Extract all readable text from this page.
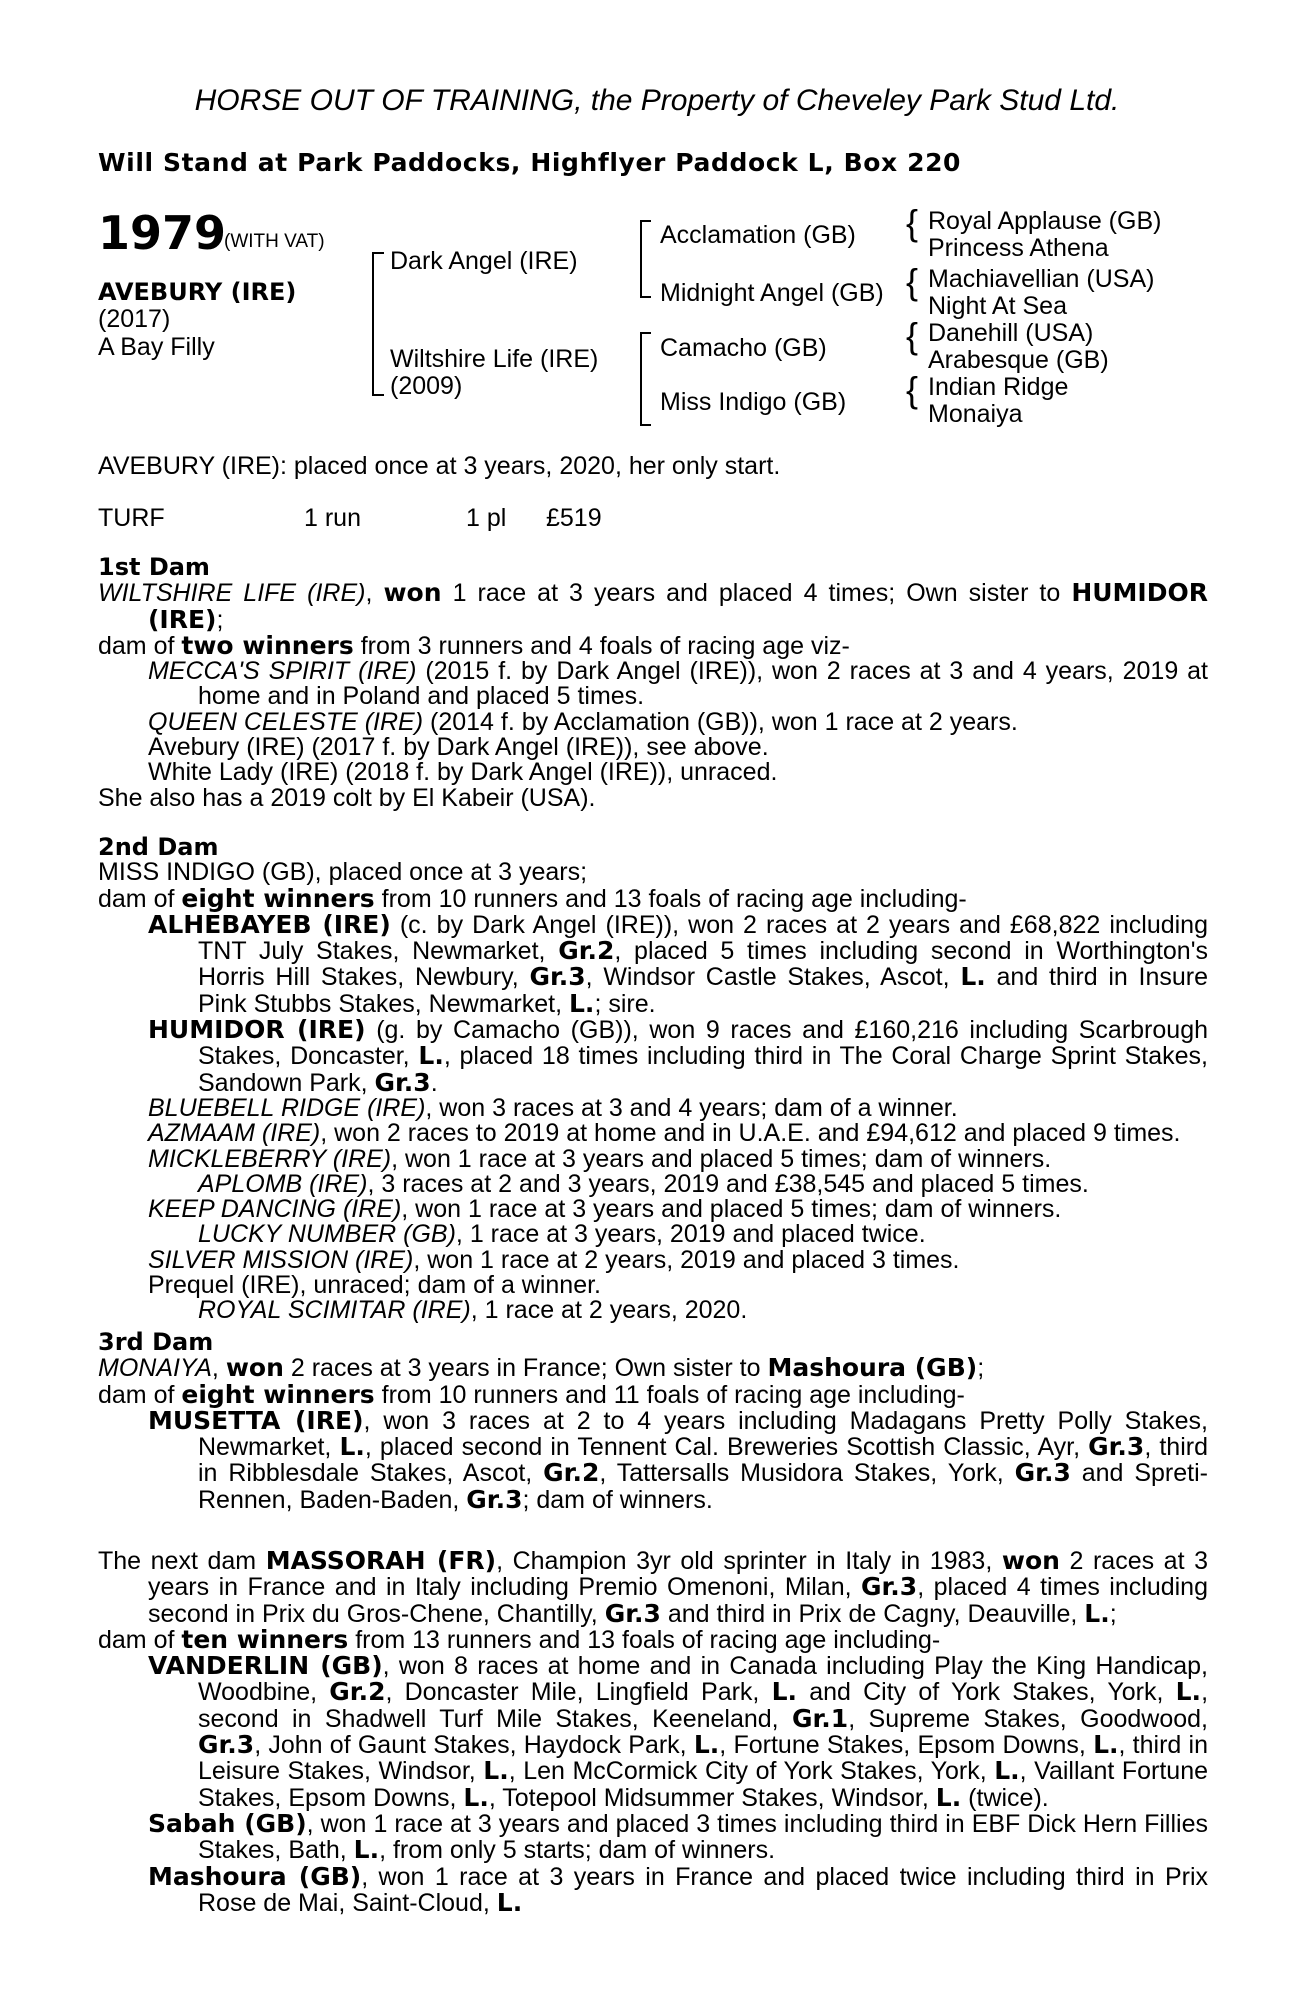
HORSE OUT OF TRAINING, the Property of Cheveley Park Stud Ltd.
Will Stand at Park Paddocks, Highflyer Paddock L, Box 220
1979
(WITH VAT)
AVEBURY (IRE)
(2017)
A Bay Filly
Dark Angel (IRE)
Wiltshire Life (IRE)
(2009)
Acclamation (GB)
Midnight Angel (GB)
Camacho (GB)
Miss Indigo (GB)
{ Royal Applause (GB)
Princess Athena
{ Machiavellian (USA)
Night At Sea
{ Danehill (USA)
Arabesque (GB)
{ Indian Ridge
Monaiya
AVEBURY (IRE): placed once at 3 years, 2020, her only start.
TURF	1 run	1 pl £519

1st Dam

WILTSHIRE LIFE (IRE), won 1 race at 3 years and placed 4 times; Own sister to HUMIDOR (IRE);

dam of two winners from 3 runners and 4 foals of racing age viz-

MECCA'S SPIRIT (IRE) (2015 f. by Dark Angel (IRE)), won 2 races at 3 and 4 years, 2019 at home and in Poland and placed 5 times.

QUEEN CELESTE (IRE) (2014 f. by Acclamation (GB)), won 1 race at 2 years.

Avebury (IRE) (2017 f. by Dark Angel (IRE)), see above.

White Lady (IRE) (2018 f. by Dark Angel (IRE)), unraced.

She also has a 2019 colt by El Kabeir (USA).

2nd Dam

MISS INDIGO (GB), placed once at 3 years;

dam of eight winners from 10 runners and 13 foals of racing age including-

ALHEBAYEB (IRE) (c. by Dark Angel (IRE)), won 2 races at 2 years and £68,822 including TNT July Stakes, Newmarket, Gr.2, placed 5 times including second in Worthington's Horris Hill Stakes, Newbury, Gr.3, Windsor Castle Stakes, Ascot, L. and third in Insure Pink Stubbs Stakes, Newmarket, L.; sire.

HUMIDOR (IRE) (g. by Camacho (GB)), won 9 races and £160,216 including Scarbrough Stakes, Doncaster, L., placed 18 times including third in The Coral Charge Sprint Stakes, Sandown Park, Gr.3.

BLUEBELL RIDGE (IRE), won 3 races at 3 and 4 years; dam of a winner.

AZMAAM (IRE), won 2 races to 2019 at home and in U.A.E. and £94,612 and placed 9 times.

MICKLEBERRY (IRE), won 1 race at 3 years and placed 5 times; dam of winners.

APLOMB (IRE), 3 races at 2 and 3 years, 2019 and £38,545 and placed 5 times.

KEEP DANCING (IRE), won 1 race at 3 years and placed 5 times; dam of winners.

LUCKY NUMBER (GB), 1 race at 3 years, 2019 and placed twice.

SILVER MISSION (IRE), won 1 race at 2 years, 2019 and placed 3 times.

Prequel (IRE), unraced; dam of a winner.

ROYAL SCIMITAR (IRE), 1 race at 2 years, 2020.

3rd Dam

MONAIYA, won 2 races at 3 years in France; Own sister to Mashoura (GB);

dam of eight winners from 10 runners and 11 foals of racing age including-

MUSETTA (IRE), won 3 races at 2 to 4 years including Madagans Pretty Polly Stakes, Newmarket, L., placed second in Tennent Cal. Breweries Scottish Classic, Ayr, Gr.3, third in Ribblesdale Stakes, Ascot, Gr.2, Tattersalls Musidora Stakes, York, Gr.3 and Spreti-Rennen, Baden-Baden, Gr.3; dam of winners.

The next dam MASSORAH (FR), Champion 3yr old sprinter in Italy in 1983, won 2 races at 3 years in France and in Italy including Premio Omenoni, Milan, Gr.3, placed 4 times including second in Prix du Gros-Chene, Chantilly, Gr.3 and third in Prix de Cagny, Deauville, L.;

dam of ten winners from 13 runners and 13 foals of racing age including-

VANDERLIN (GB), won 8 races at home and in Canada including Play the King Handicap, Woodbine, Gr.2, Doncaster Mile, Lingfield Park, L. and City of York Stakes, York, L., second in Shadwell Turf Mile Stakes, Keeneland, Gr.1, Supreme Stakes, Goodwood, Gr.3, John of Gaunt Stakes, Haydock Park, L., Fortune Stakes, Epsom Downs, L., third in Leisure Stakes, Windsor, L., Len McCormick City of York Stakes, York, L., Vaillant Fortune Stakes, Epsom Downs, L., Totepool Midsummer Stakes, Windsor, L. (twice).

Sabah (GB), won 1 race at 3 years and placed 3 times including third in EBF Dick Hern Fillies Stakes, Bath, L., from only 5 starts; dam of winners.

Mashoura (GB), won 1 race at 3 years in France and placed twice including third in Prix Rose de Mai, Saint-Cloud, L.
